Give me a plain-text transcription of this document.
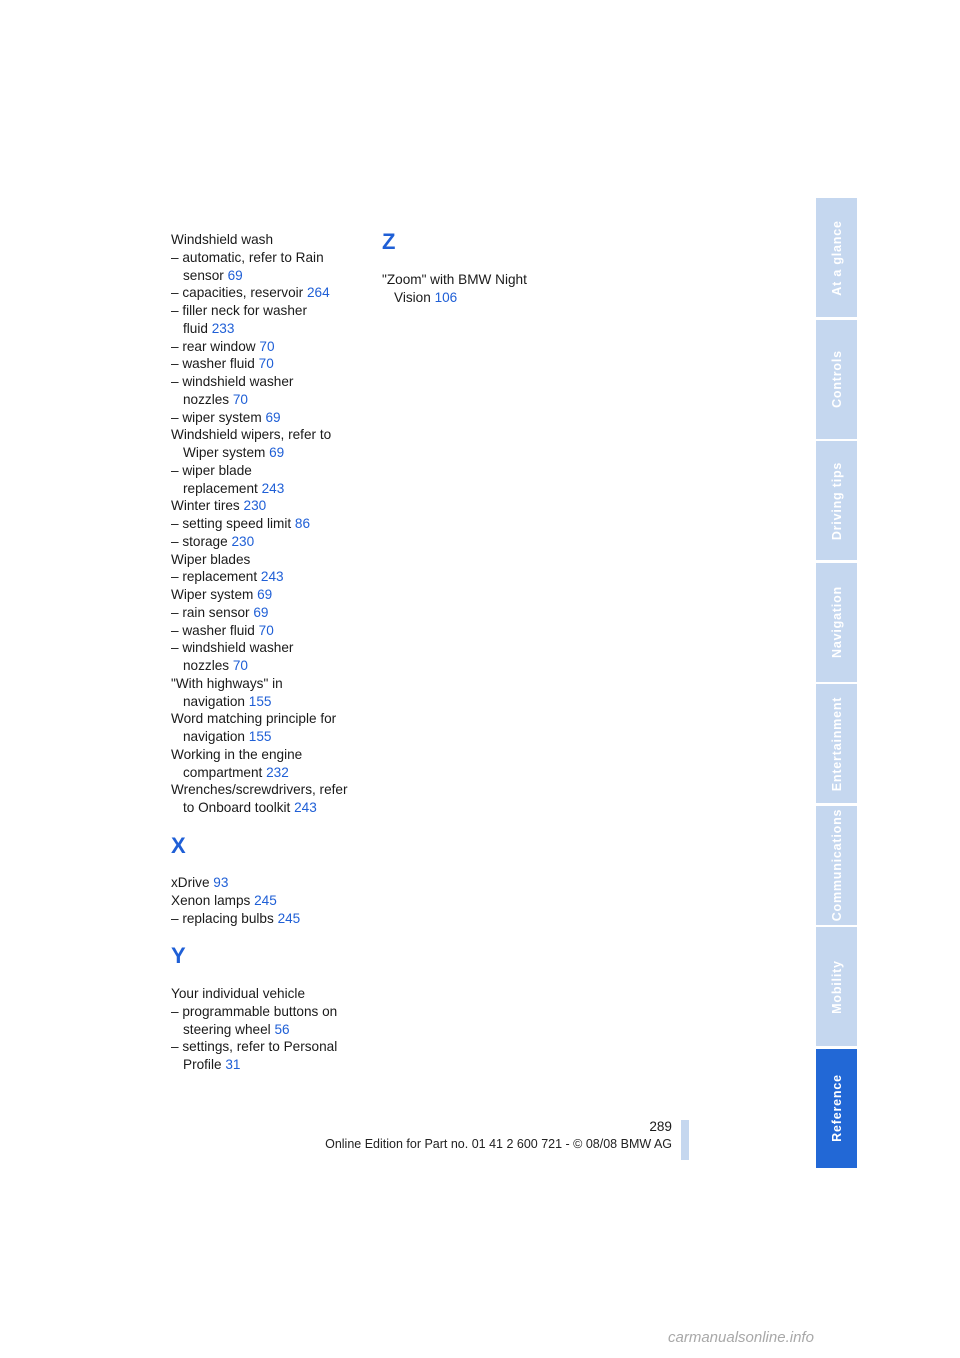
Windshield wash
– automatic, refer to Rain
sensor 69
– capacities, reservoir 264
– filler neck for washer
fluid 233
– rear window 70
– washer fluid 70
– windshield washer
nozzles 70
– wiper system 69
Windshield wipers, refer to
Wiper system 69
– wiper blade
replacement 243
Winter tires 230
– setting speed limit 86
– storage 230
Wiper blades
– replacement 243
Wiper system 69
– rain sensor 69
– washer fluid 70
– windshield washer
nozzles 70
"With highways" in
navigation 155
Word matching principle for
navigation 155
Working in the engine
compartment 232
Wrenches/screwdrivers, refer
to Onboard toolkit 243
X
xDrive 93
Xenon lamps 245
– replacing bulbs 245
Y
Your individual vehicle
– programmable buttons on
steering wheel 56
– settings, refer to Personal
Profile 31
Z
"Zoom" with BMW Night
Vision 106
At a glance
Controls
Driving tips
Navigation
Entertainment
Communications
Mobility
Reference
289
Online Edition for Part no. 01 41 2 600 721 - © 08/08 BMW AG
carmanualsonline.info
